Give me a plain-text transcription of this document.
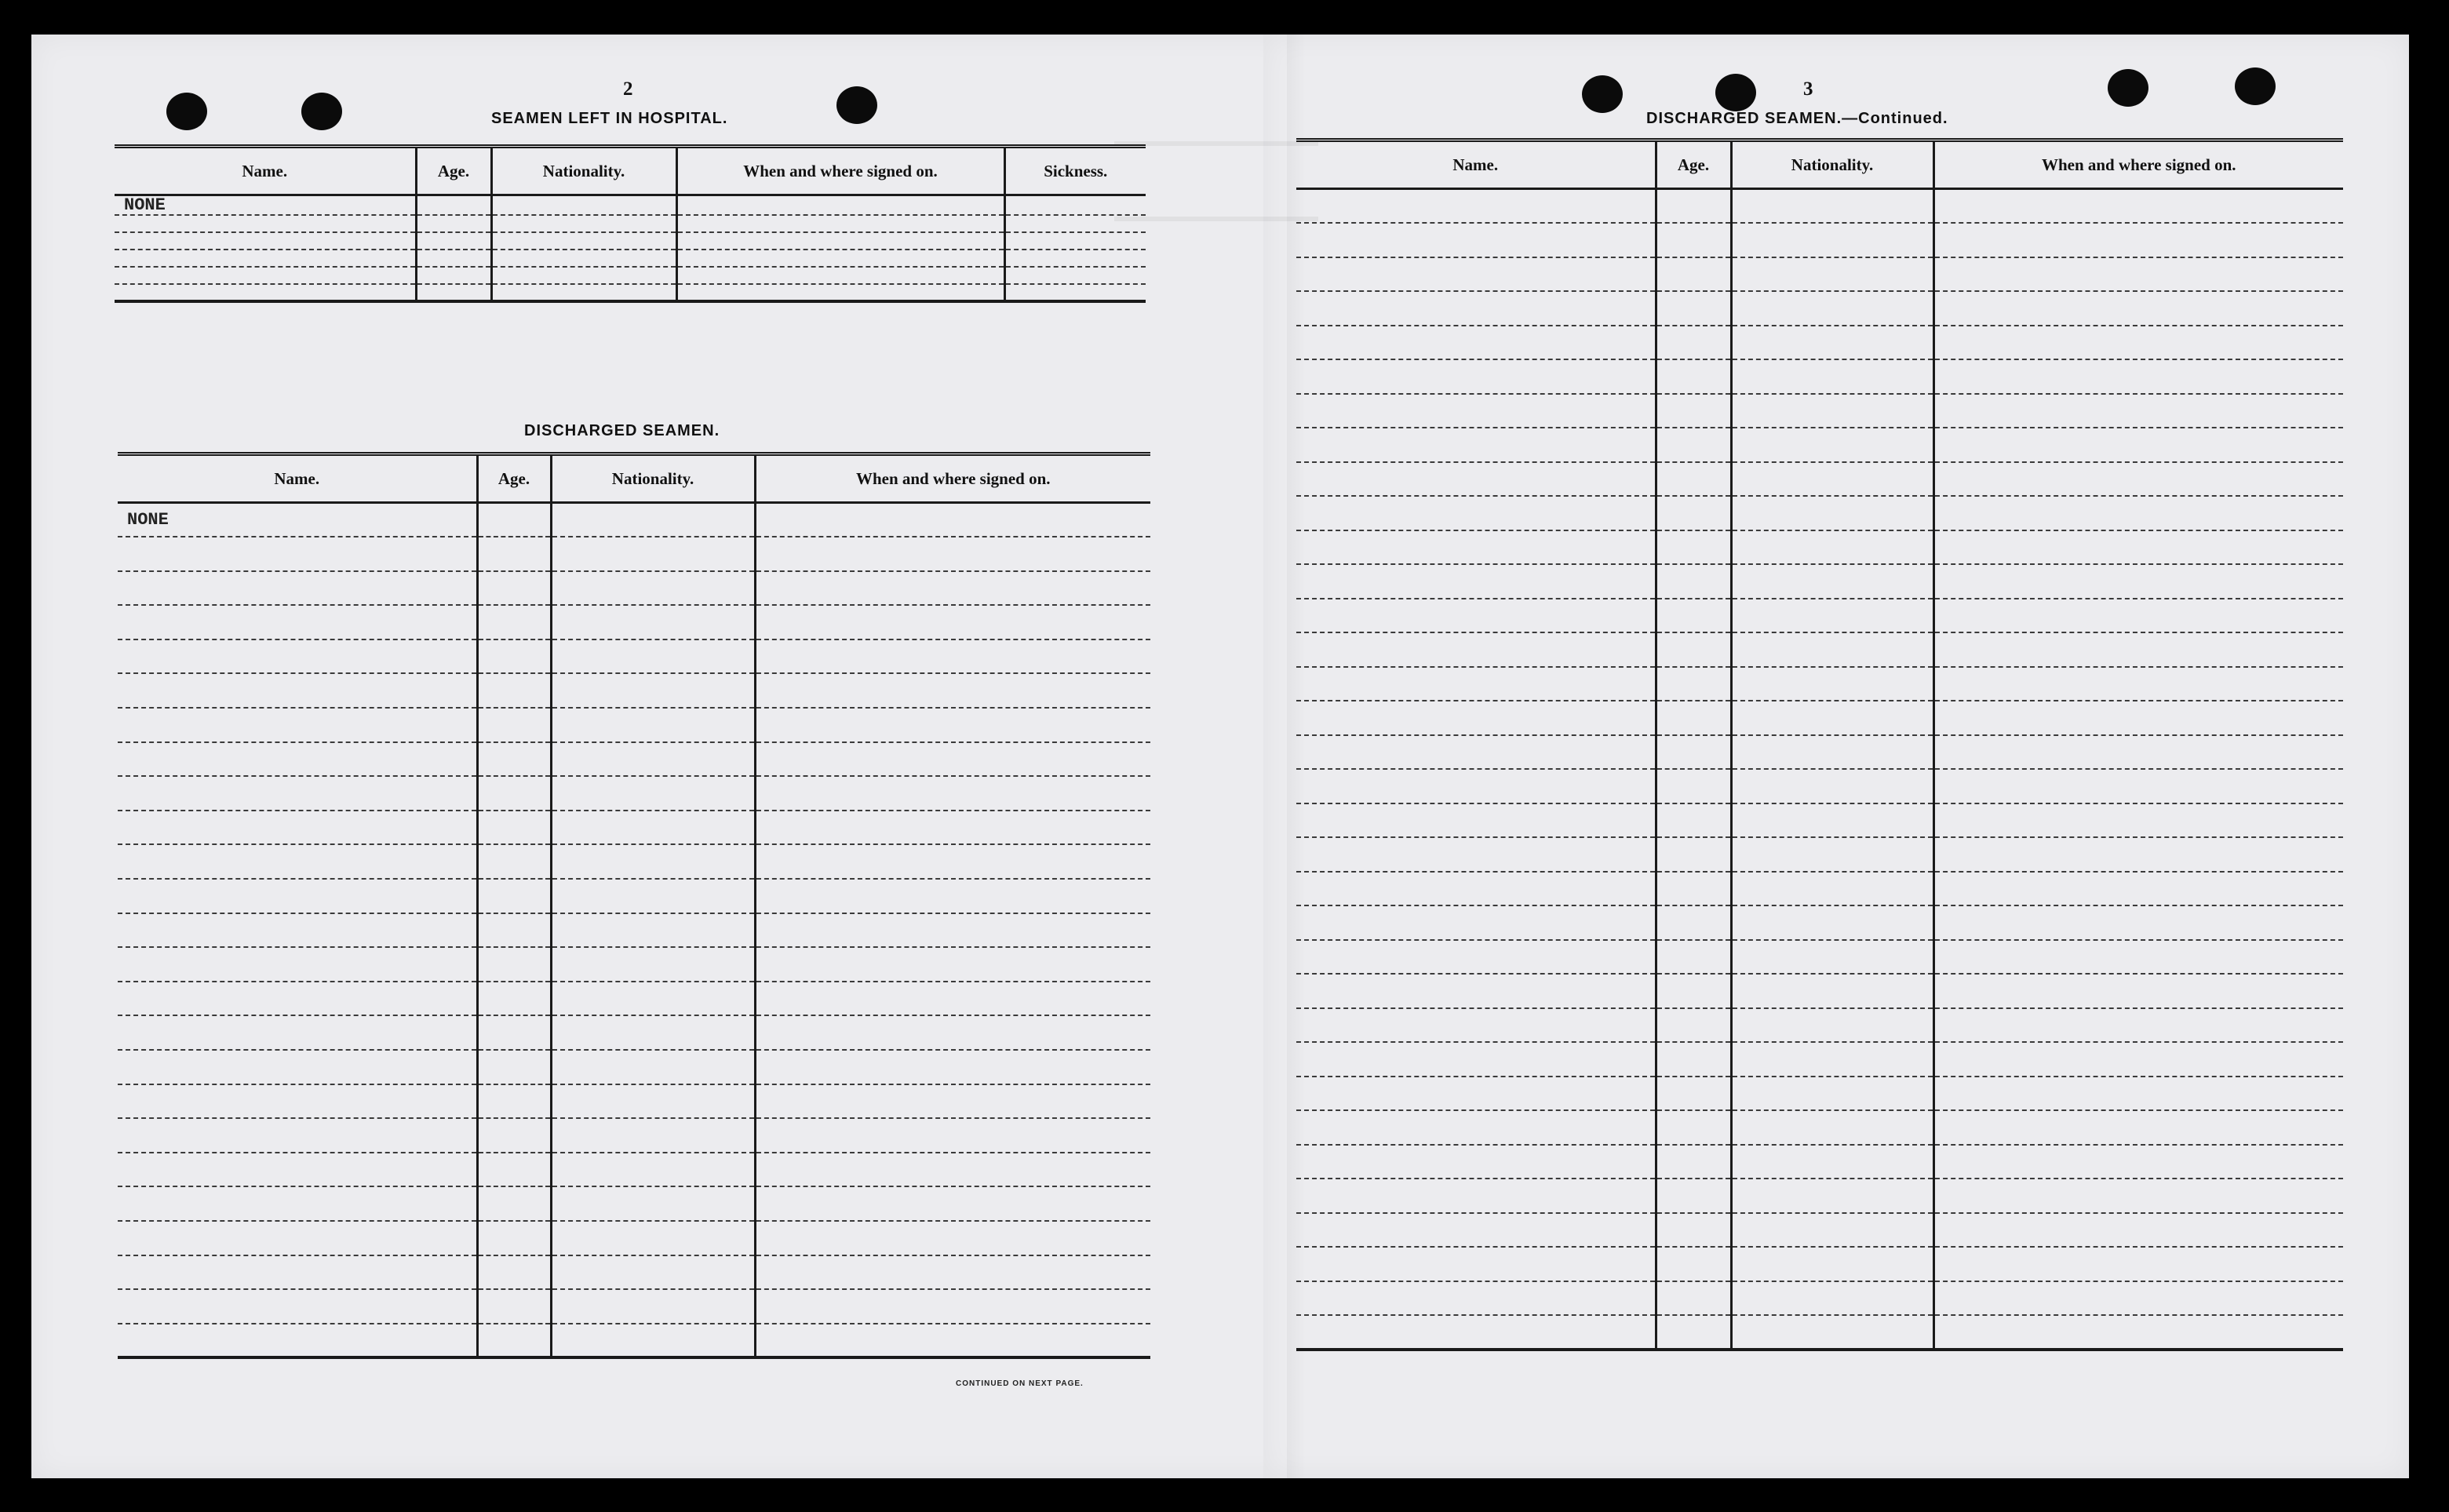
2
SEAMEN LEFT IN HOSPITAL.
Name.	Age.	Nationality.	When and where signed on.	Sickness.
NONE				

DISCHARGED SEAMEN.
Name.	Age.	Nationality.	When and where signed on.
NONE			

CONTINUED ON NEXT PAGE.
3
DISCHARGED SEAMEN.—Continued.
Name.	Age.	Nationality.	When and where signed on.
